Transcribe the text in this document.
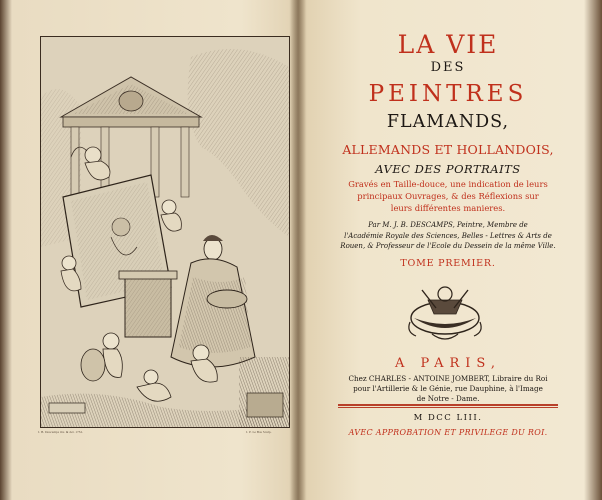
J. B. Descamps inv. & del. 1752.	J. P. Le Bas Sculp.
LA VIE
DES
PEINTRES
FLAMANDS,
ALLEMANDS ET HOLLANDOIS,
AVEC DES PORTRAITS
Gravés en Taille-douce, une indication de leurs
principaux Ouvrages, & des Réflexions sur
leurs différentes manieres.
Par M. J. B. DESCAMPS, Peintre, Membre de
l'Académie Royale des Sciences, Belles - Lettres & Arts de
Rouen, & Professeur de l'Ecole du Dessein de la même Ville.
TOME PREMIER.
A PARIS,
Chez CHARLES - ANTOINE JOMBERT, Libraire du Roi
pour l'Artillerie & le Génie, rue Dauphine, à l'Image
de Notre - Dame.
M DCC LIII.
AVEC APPROBATION ET PRIVILEGE DU ROI.
